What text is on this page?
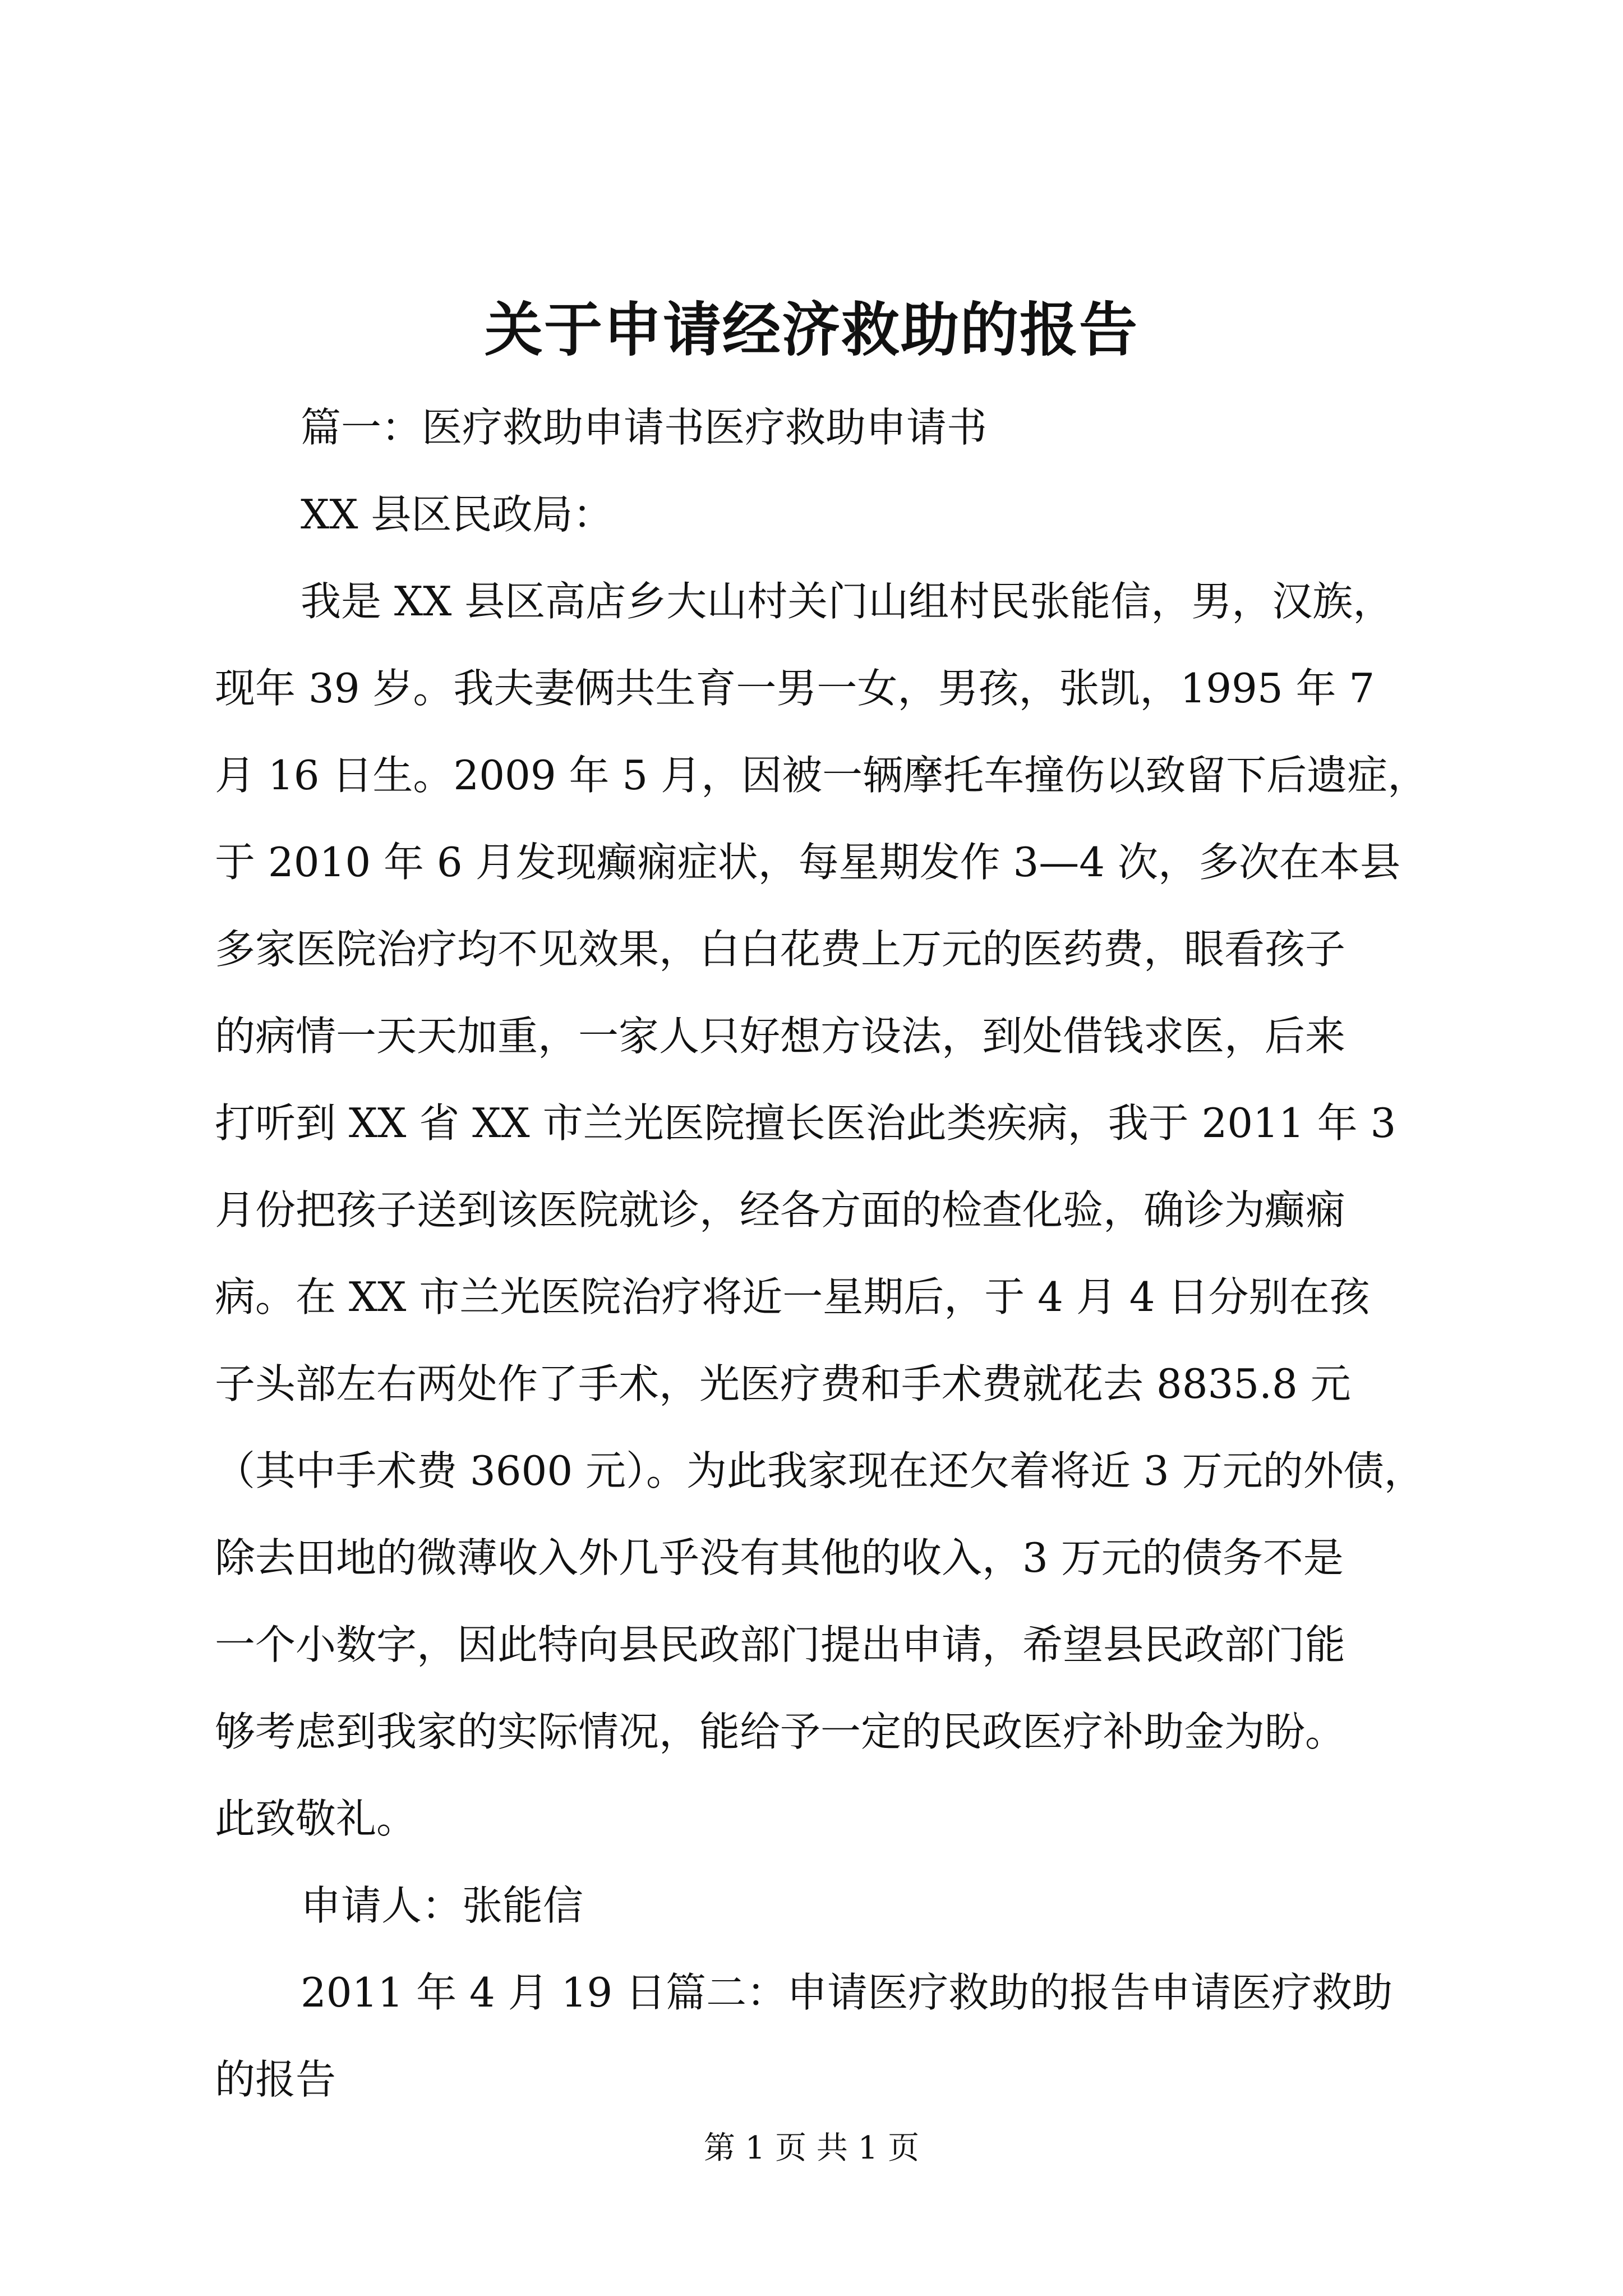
关于申请经济救助的报告
篇一：医疗救助申请书医疗救助申请书
XX 县区民政局：
我是 XX 县区高店乡大山村关门山组村民张能信，男，汉族，
现年 39 岁。我夫妻俩共生育一男一女，男孩，张凯，1995 年 7
月 16 日生。2009 年 5 月，因被一辆摩托车撞伤以致留下后遗症，
于 2010 年 6 月发现癫痫症状，每星期发作 3—4 次，多次在本县
多家医院治疗均不见效果，白白花费上万元的医药费，眼看孩子
的病情一天天加重，一家人只好想方设法，到处借钱求医，后来
打听到 XX 省 XX 市兰光医院擅长医治此类疾病，我于 2011 年 3
月份把孩子送到该医院就诊，经各方面的检查化验，确诊为癫痫
病。在 XX 市兰光医院治疗将近一星期后，于 4 月 4 日分别在孩
子头部左右两处作了手术，光医疗费和手术费就花去 8835.8 元
（其中手术费 3600 元）。为此我家现在还欠着将近 3 万元的外债，
除去田地的微薄收入外几乎没有其他的收入，3 万元的债务不是
一个小数字，因此特向县民政部门提出申请，希望县民政部门能
够考虑到我家的实际情况，能给予一定的民政医疗补助金为盼。
此致敬礼。
申请人：张能信
2011 年 4 月 19 日篇二：申请医疗救助的报告申请医疗救助
的报告
第 1 页 共 1 页
